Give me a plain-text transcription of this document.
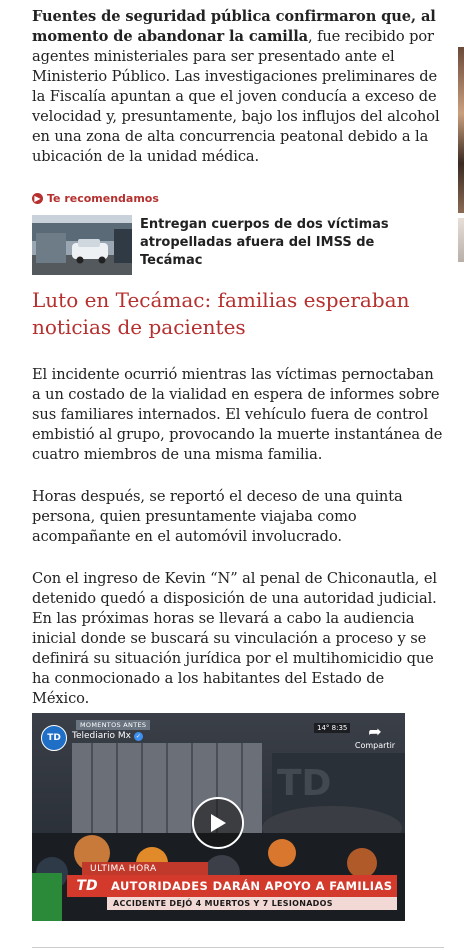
Fuentes de seguridad pública confirmaron que, al momento de abandonar la camilla, fue recibido por agentes ministeriales para ser presentado ante el Ministerio Público. Las investigaciones preliminares de la Fiscalía apuntan a que el joven conducía a exceso de velocidad y, presuntamente, bajo los influjos del alcohol en una zona de alta concurrencia peatonal debido a la ubicación de la unidad médica.

▶ Te recomendamos
Entregan cuerpos de dos víctimas atropelladas afuera del IMSS de Tecámac
Luto en Tecámac: familias esperaban noticias de pacientes

El incidente ocurrió mientras las víctimas pernoctaban a un costado de la vialidad en espera de informes sobre sus familiares internados. El vehículo fuera de control embistió al grupo, provocando la muerte instantánea de cuatro miembros de una misma familia.

Horas después, se reportó el deceso de una quinta persona, quien presuntamente viajaba como acompañante en el automóvil involucrado.

Con el ingreso de Kevin “N” al penal de Chiconautla, el detenido quedó a disposición de una autoridad judicial. En las próximas horas se llevará a cabo la audiencia inicial donde se buscará su vinculación a proceso y se definirá su situación jurídica por el multihomicidio que ha conmocionado a los habitantes del Estado de México.

TD
MOMENTOS ANTES
TD	Telediario Mx ✓
14° 8:35	➦
Compartir
ULTIMA HORA
TD	AUTORIDADES DARÁN APOYO A FAMILIAS
ACCIDENTE DEJÓ 4 MUERTOS Y 7 LESIONADOS
